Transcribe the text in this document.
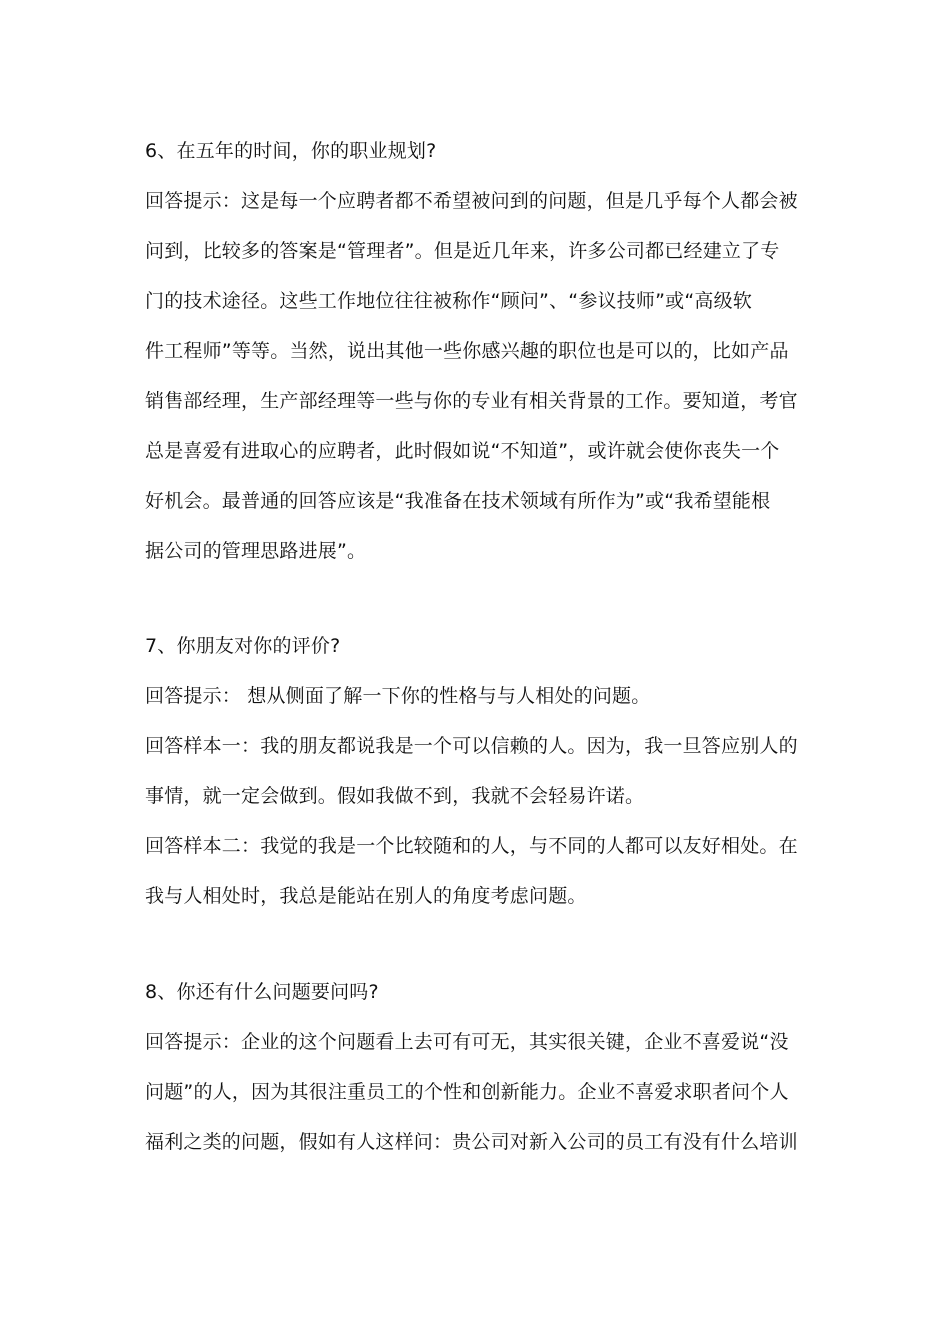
6、在五年的时间，你的职业规划?
回答提示：这是每一个应聘者都不希望被问到的问题，但是几乎每个人都会被
问到，比较多的答案是“管理者”。但是近几年来，许多公司都已经建立了专
门的技术途径。这些工作地位往往被称作“顾问”、“参议技师”或“高级软
件工程师”等等。当然，说出其他一些你感兴趣的职位也是可以的，比如产品
销售部经理，生产部经理等一些与你的专业有相关背景的工作。要知道，考官
总是喜爱有进取心的应聘者，此时假如说“不知道”，或许就会使你丧失一个
好机会。最普通的回答应该是“我准备在技术领域有所作为”或“我希望能根
据公司的管理思路进展”。
7、你朋友对你的评价?
回答提示： 想从侧面了解一下你的性格与与人相处的问题。
回答样本一：我的朋友都说我是一个可以信赖的人。因为，我一旦答应别人的
事情，就一定会做到。假如我做不到，我就不会轻易许诺。
回答样本二：我觉的我是一个比较随和的人，与不同的人都可以友好相处。在
我与人相处时，我总是能站在别人的角度考虑问题。
8、你还有什么问题要问吗?
回答提示：企业的这个问题看上去可有可无，其实很关键，企业不喜爱说“没
问题”的人，因为其很注重员工的个性和创新能力。企业不喜爱求职者问个人
福利之类的问题，假如有人这样问：贵公司对新入公司的员工有没有什么培训
